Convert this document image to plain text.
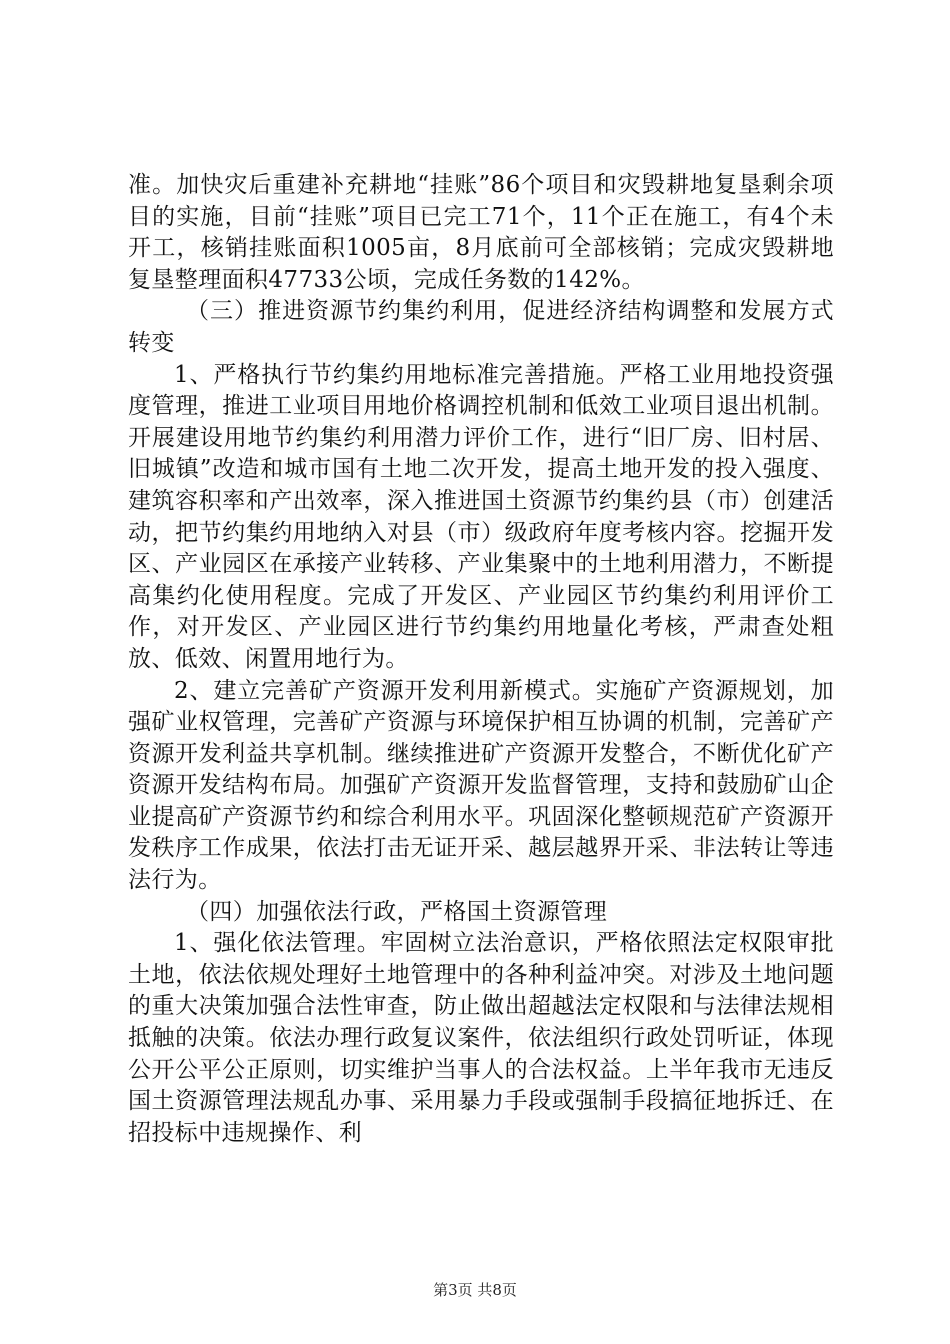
准。加快灾后重建补充耕地“挂账”86个项目和灾毁耕地复垦剩余项目的实施，目前“挂账”项目已完工71个，11个正在施工，有4个未开工，核销挂账面积1005亩，8月底前可全部核销；完成灾毁耕地复垦整理面积47733公顷，完成任务数的142%。

（三）推进资源节约集约利用，促进经济结构调整和发展方式转变

1、严格执行节约集约用地标准完善措施。严格工业用地投资强度管理，推进工业项目用地价格调控机制和低效工业项目退出机制。开展建设用地节约集约利用潜力评价工作，进行“旧厂房、旧村居、旧城镇”改造和城市国有土地二次开发，提高土地开发的投入强度、建筑容积率和产出效率，深入推进国土资源节约集约县（市）创建活动，把节约集约用地纳入对县（市）级政府年度考核内容。挖掘开发区、产业园区在承接产业转移、产业集聚中的土地利用潜力，不断提高集约化使用程度。完成了开发区、产业园区节约集约利用评价工作，对开发区、产业园区进行节约集约用地量化考核，严肃查处粗放、低效、闲置用地行为。

2、建立完善矿产资源开发利用新模式。实施矿产资源规划，加强矿业权管理，完善矿产资源与环境保护相互协调的机制，完善矿产资源开发利益共享机制。继续推进矿产资源开发整合，不断优化矿产资源开发结构布局。加强矿产资源开发监督管理，支持和鼓励矿山企业提高矿产资源节约和综合利用水平。巩固深化整顿规范矿产资源开发秩序工作成果，依法打击无证开采、越层越界开采、非法转让等违法行为。

（四）加强依法行政，严格国土资源管理

1、强化依法管理。牢固树立法治意识，严格依照法定权限审批土地，依法依规处理好土地管理中的各种利益冲突。对涉及土地问题的重大决策加强合法性审查，防止做出超越法定权限和与法律法规相抵触的决策。依法办理行政复议案件，依法组织行政处罚听证，体现公开公平公正原则，切实维护当事人的合法权益。上半年我市无违反国土资源管理法规乱办事、采用暴力手段或强制手段搞征地拆迁、在招投标中违规操作、利

第3页 共8页
